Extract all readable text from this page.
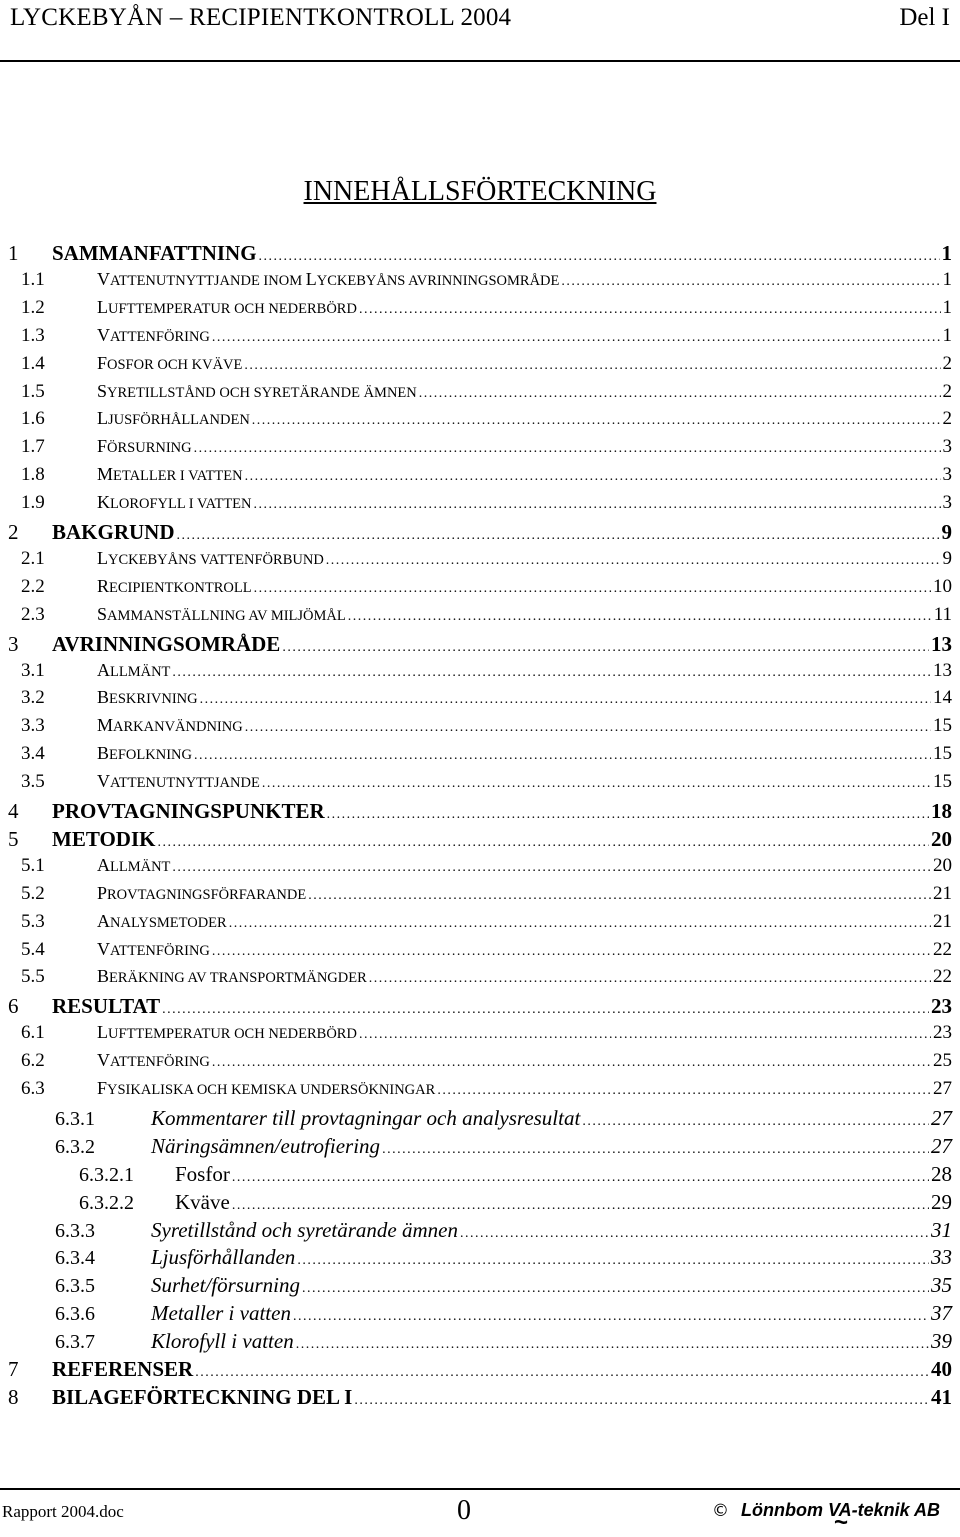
LYCKEBYÅN – RECIPIENTKONTROLL 2004	Del I
INNEHÅLLSFÖRTECKNING
1	SAMMANFATTNING . . .	1
1.1	VATTENUTNYTTJANDE INOM LYCKEBYÅNS AVRINNINGSOMRÅDE . . .	1
1.2	LUFTTEMPERATUR OCH NEDERBÖRD . . .	1
1.3	VATTENFÖRING . . .	1
1.4	FOSFOR OCH KVÄVE . . .	2
1.5	SYRETILLSTÅND OCH SYRETÄRANDE ÄMNEN . . .	2
1.6	LJUSFÖRHÅLLANDEN . . .	2
1.7	FÖRSURNING . . .	3
1.8	METALLER I VATTEN . . .	3
1.9	KLOROFYLL I VATTEN . . .	3
2	BAKGRUND . . .	9
2.1	LYCKEBYÅNS VATTENFÖRBUND . . .	9
2.2	RECIPIENTKONTROLL . . .	10
2.3	SAMMANSTÄLLNING AV MILJÖMÅL . . .	11
3	AVRINNINGSOMRÅDE . . .	13
3.1	ALLMÄNT . . .	13
3.2	BESKRIVNING . . .	14
3.3	MARKANVÄNDNING . . .	15
3.4	BEFOLKNING . . .	15
3.5	VATTENUTNYTTJANDE . . .	15
4	PROVTAGNINGSPUNKTER . . .	18
5	METODIK . . .	20
5.1	ALLMÄNT . . .	20
5.2	PROVTAGNINGSFÖRFARANDE . . .	21
5.3	ANALYSMETODER . . .	21
5.4	VATTENFÖRING . . .	22
5.5	BERÄKNING AV TRANSPORTMÄNGDER . . .	22
6	RESULTAT . . .	23
6.1	LUFTTEMPERATUR OCH NEDERBÖRD . . .	23
6.2	VATTENFÖRING . . .	25
6.3	FYSIKALISKA OCH KEMISKA UNDERSÖKNINGAR . . .	27
6.3.1	Kommentarer till provtagningar och analysresultat . . .	27
6.3.2	Näringsämnen/eutrofiering . . .	27
6.3.2.1	Fosfor . . .	28
6.3.2.2	Kväve . . .	29
6.3.3	Syretillstånd och syretärande ämnen . . .	31
6.3.4	Ljusförhållanden . . .	33
6.3.5	Surhet/försurning . . .	35
6.3.6	Metaller i vatten . . .	37
6.3.7	Klorofyll i vatten . . .	39
7	REFERENSER . . .	40
8	BILAGEFÖRTECKNING DEL I . . .	41
Rapport 2004.doc	0	© Lönnbom VA ~-teknik AB
